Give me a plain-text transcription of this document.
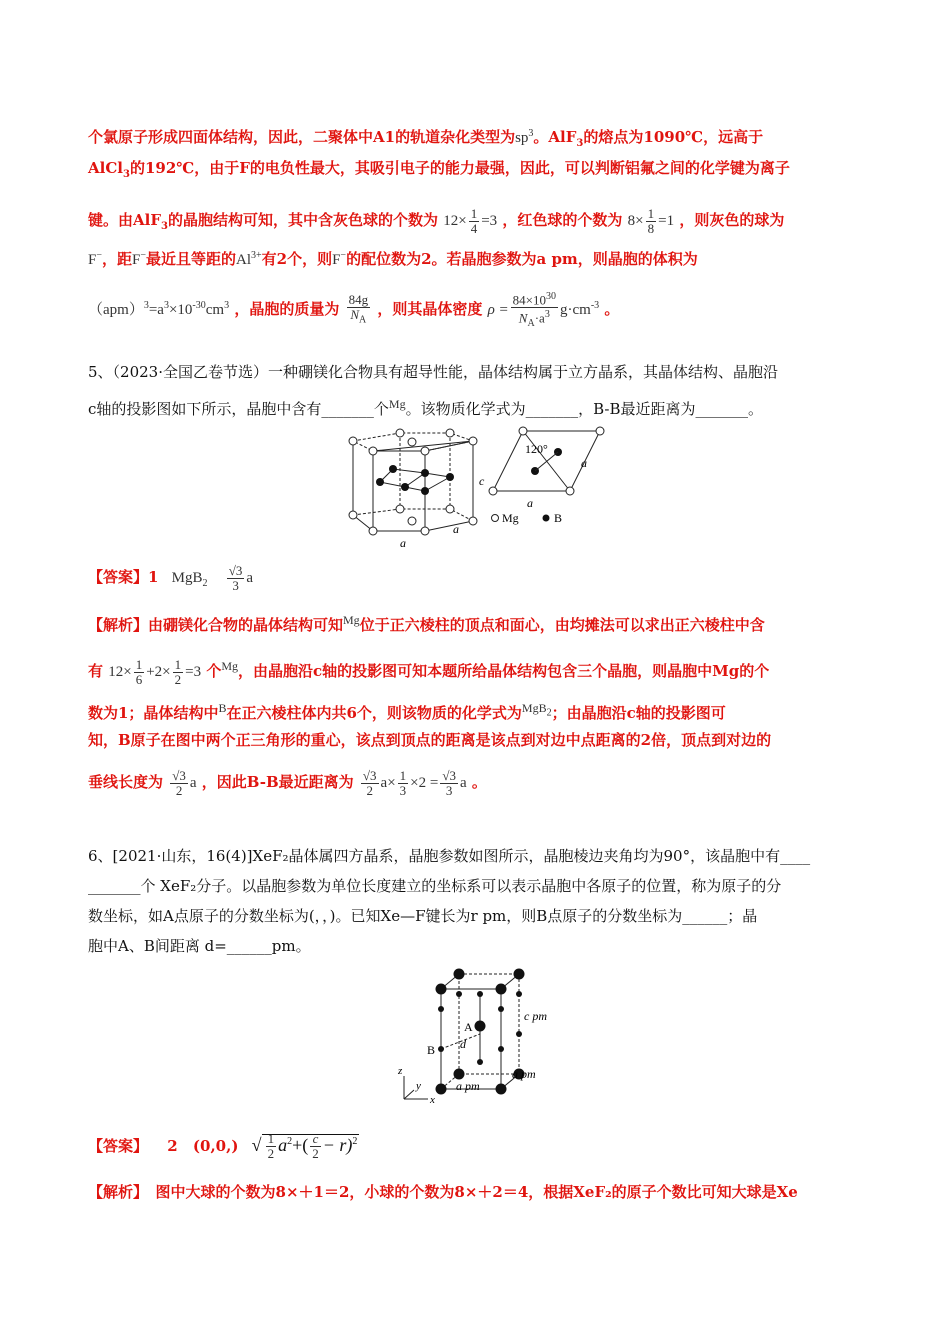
个氯原子形成四面体结构，因此，二聚体中A1的轨道杂化类型为$sp^3$。AlF$_3$的熔点为1090℃，远高于
AlCl$_3$的192℃，由于F的电负性最大，其吸引电子的能力最强，因此，可以判断铝氟之间的化学键为离子
键。由AlF$_3$的晶胞结构可知，其中含灰色球的个数为 $12\times \frac{1}{4} =3$ ，红色球的个数为 $8\times \frac{1}{8} =1$ ，则灰色的球为
F−，距F−最近且等距的$Al^{3+}$有2个，则F−的配位数为2。若晶胞参数为a pm，则晶胞的体积为
$(apm)^3=a^3\times 10^{-30}cm^3$ ，晶胞的质量为 $\frac{84g}{N_A}$ ，则其晶体密度 $\rho = \frac{84\times 10^{30}}{N_A\cdot a^3} g\cdot cm^{-3}$ 。
5、（2023·全国乙卷节选）一种硼镁化合物具有超导性能，晶体结构属于立方晶系，其晶体结构、晶胞沿
c轴的投影图如下所示，晶胞中含有_______个$^{Mg}$。该物质化学式为_______，B-B最近距离为_______。
c
a
a
120°
a
a
Mg	B
【答案】1 $MgB_2 \frac{√3}{3}$ a
【解析】由硼镁化合物的晶体结构可知$^{Mg}$位于正六棱柱的顶点和面心，由均摊法可以求出正六棱柱中含
有 $12\times \frac{1}{6} +2\times \frac{1}{2} =3$ 个$^{Mg}$，由晶胞沿c轴的投影图可知本题所给晶体结构包含三个晶胞，则晶胞中Mg的个
数为1；晶体结构中$^B$在正六棱柱体内共6个，则该物质的化学式为$^{MgB_2}$；由晶胞沿c轴的投影图可
知，B原子在图中两个正三角形的重心，该点到顶点的距离是该点到对边中点距离的2倍，顶点到对边的
垂线长度为 $\frac{√3}{2}$ a ，因此B-B最近距离为 $\frac{√3}{2} a\times \frac{1}{3} \times 2 = \frac{√3}{3}$ a 。
6、[2021·山东，16(4)]XeF₂晶体属四方晶系，晶胞参数如图所示，晶胞棱边夹角均为90°，该晶胞中有____
_______个 XeF₂分子。以晶胞参数为单位长度建立的坐标系可以表示晶胞中各原子的位置，称为原子的分
数坐标，如A点原子的分数坐标为(，，)。已知Xe—F键长为r pm，则B点原子的分数坐标为______；晶
胞中A、B间距离 d=______pm。
c pm
a pm
a pm
A
B d
z
y
x
【答案】 2 (0,0,) √ $\frac{1}{2} a^2+( \frac{c}{2} - r)^2$
【解析】　图中大球的个数为8×＋1＝2，小球的个数为8×＋2＝4，根据XeF₂的原子个数比可知大球是Xe
